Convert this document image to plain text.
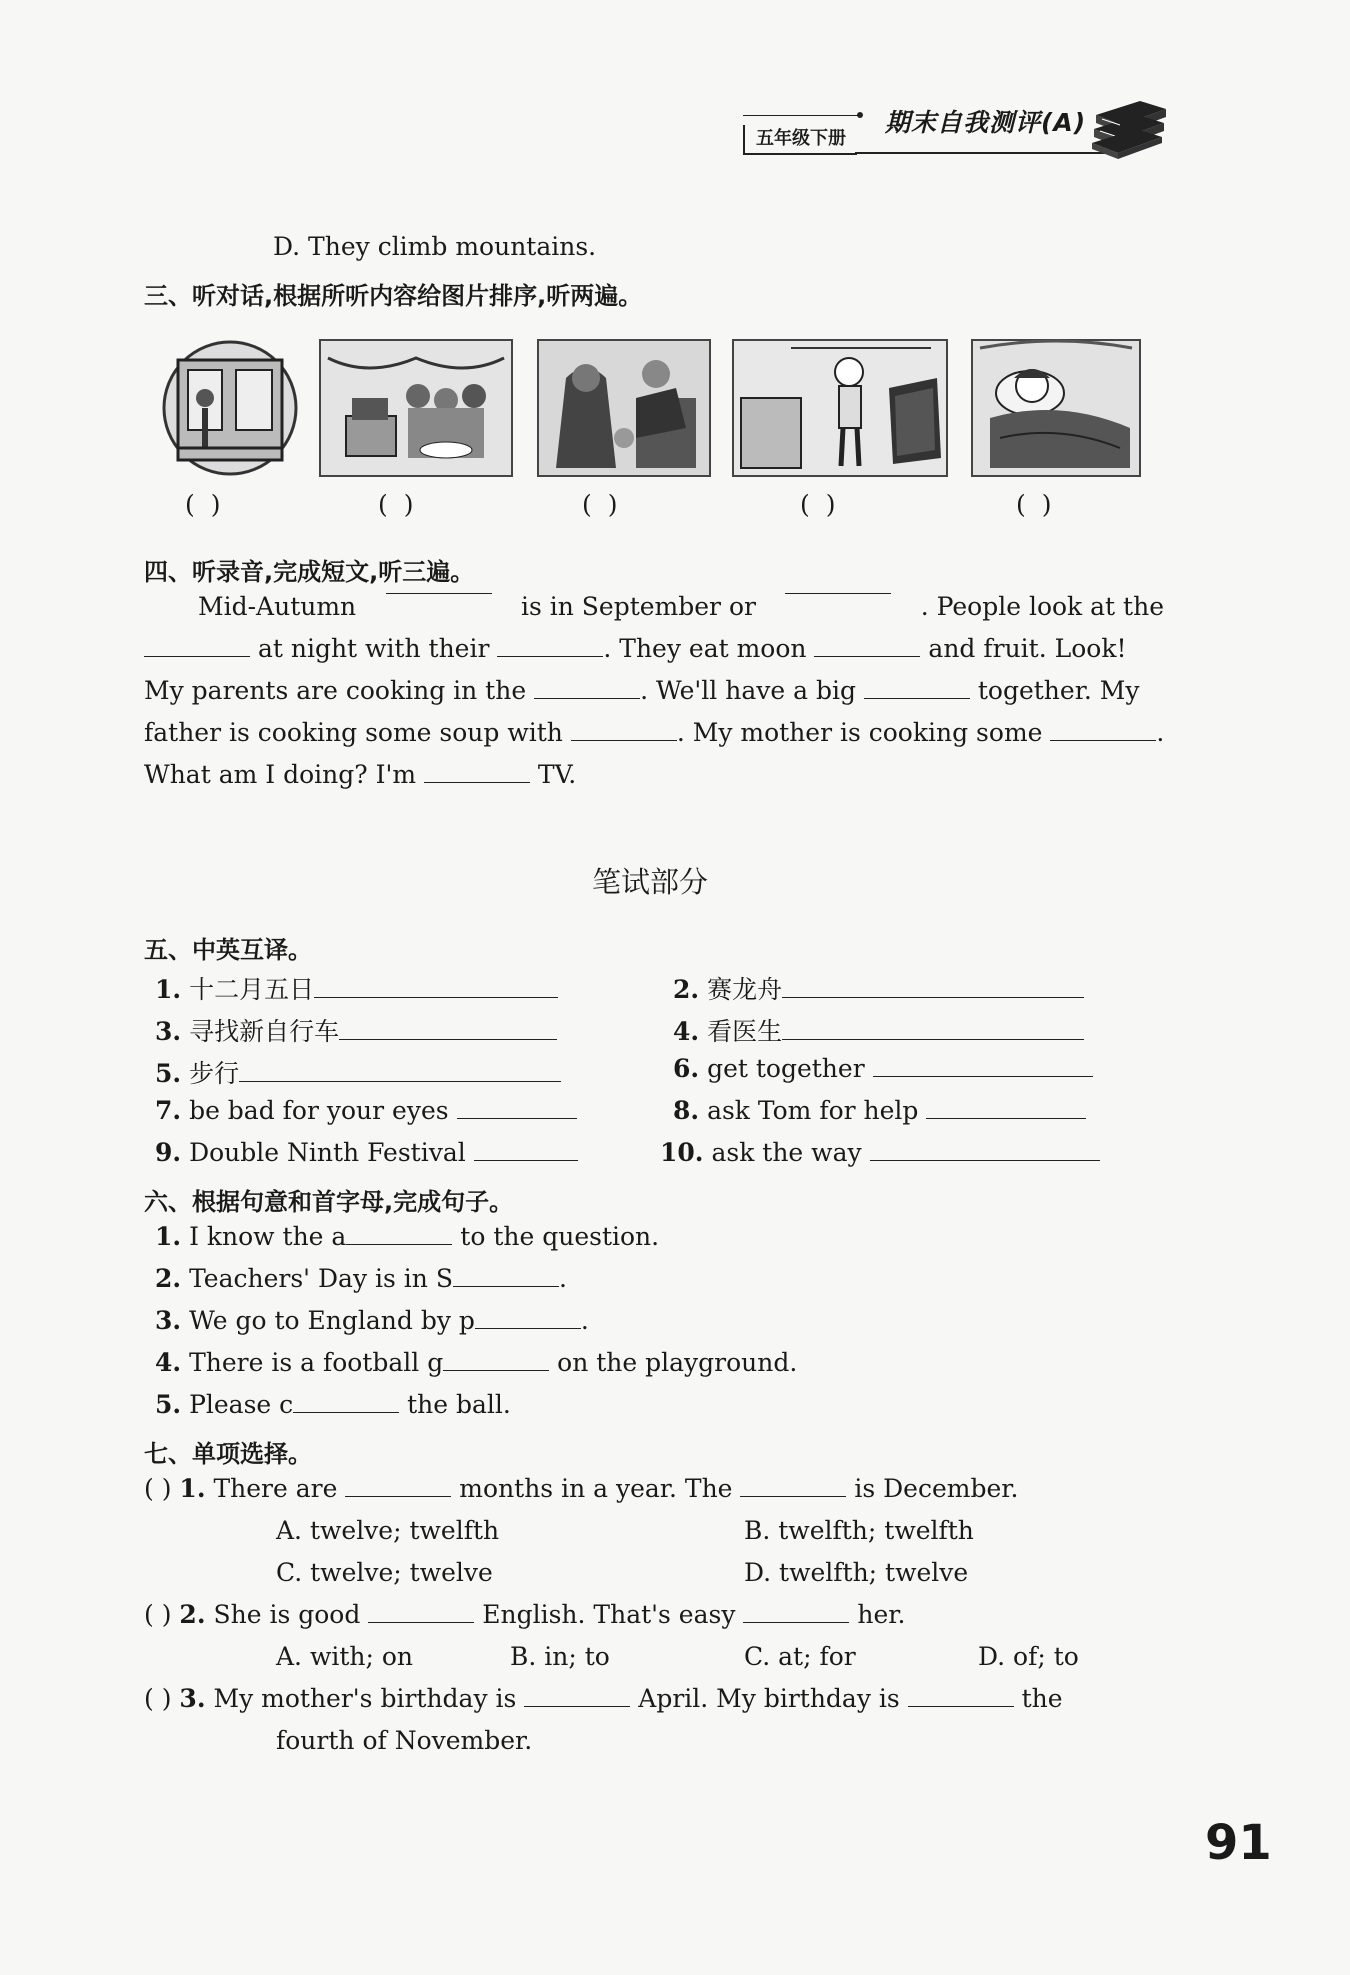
五年级下册
期末自我测评(A)
D. They climb mountains.
三、听对话,根据所听内容给图片排序,听两遍。
( )	( )	( )	( )	( )
四、听录音,完成短文,听三遍。
Mid-Autumn	is in September or	. People look at the
at night with their	. They eat moon	and fruit. Look!
My parents are cooking in the	. We'll have a big	together. My
father is cooking some soup with	. My mother is cooking some	.
What am I doing? I'm	TV.
笔试部分
五、中英互译。
1. 十二月五日	2. 赛龙舟
3. 寻找新自行车	4. 看医生
5. 步行	6. get together
7. be bad for your eyes	8. ask Tom for help
9. Double Ninth Festival	10. ask the way
六、根据句意和首字母,完成句子。
1. I know the a	to the question.
2. Teachers' Day is in S	.
3. We go to England by p	.
4. There is a football g	on the playground.
5. Please c	the ball.
七、单项选择。
( ) 1. There are	months in a year. The	is December.
A. twelve; twelfth	B. twelfth; twelfth
C. twelve; twelve	D. twelfth; twelve
( ) 2. She is good	English. That's easy	her.
A. with; on	B. in; to	C. at; for	D. of; to
( ) 3. My mother's birthday is	April. My birthday is	the
fourth of November.
91
